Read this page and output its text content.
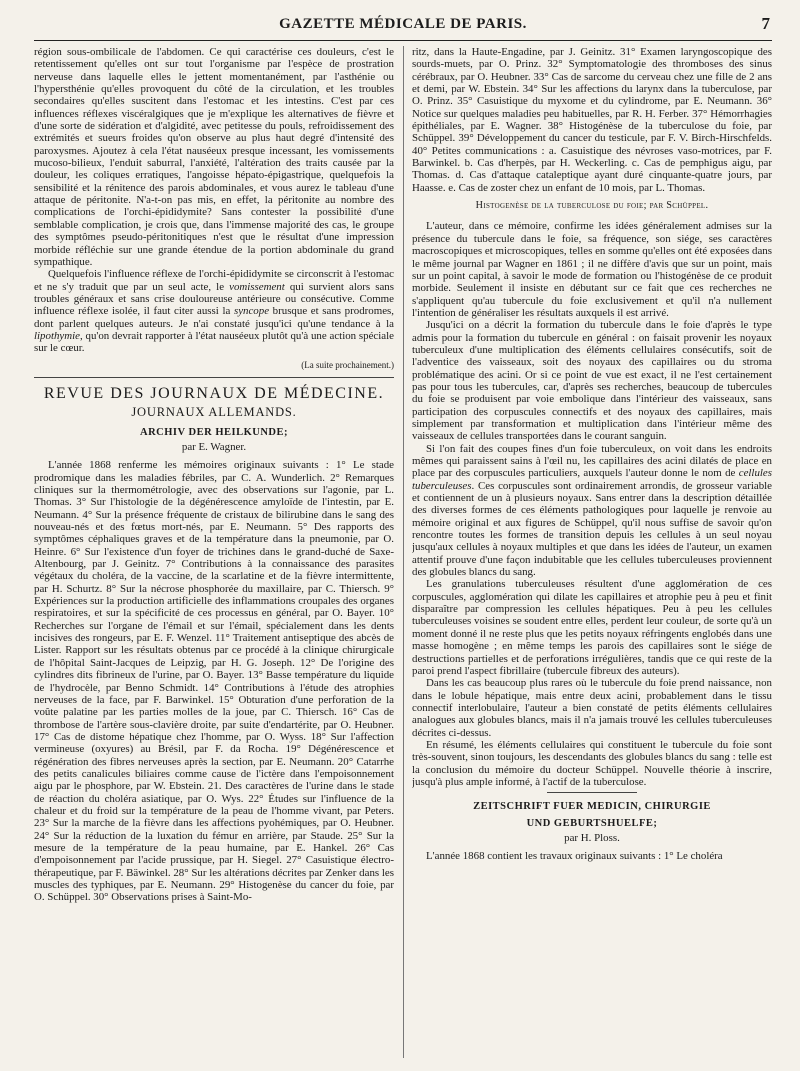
GAZETTE MÉDICALE DE PARIS.	7

région sous-ombilicale de l'abdomen. Ce qui caractérise ces douleurs, c'est le retentissement qu'elles ont sur tout l'organisme par l'espèce de prostration nerveuse dans laquelle elles le jettent momentanément, par l'asthénie ou l'hypersthénie qu'elles provoquent du côté de la circulation, et les troubles secondaires qu'elles suscitent dans l'estomac et les intestins. C'est par ces influences réflexes viscéralgiques que je m'explique les alternatives de fièvre et d'une sorte de sidération et d'algidité, avec petitesse du pouls, refroidissement des extrémités et sueurs froides qu'on observe au plus haut degré d'intensité des paroxysmes. Ajoutez à cela l'état nauséeux presque incessant, les vomissements mucoso-bilieux, l'enduit saburral, l'anxiété, l'altération des traits causée par la douleur, les coliques erratiques, l'angoisse hépato-épigastrique, quelquefois la sensibilité et la rénitence des parois abdominales, et vous aurez le tableau d'une attaque de péritonite. N'a-t-on pas mis, en effet, la péritonite au nombre des complications de l'orchi-épididymite? Sans contester la possibilité d'une semblable complication, je crois que, dans l'immense majorité des cas, le groupe des symptômes pseudo-péritonitiques n'est que le résultat d'une impression morbide réfléchie sur une grande étendue de la portion abdominale du grand sympathique.

Quelquefois l'influence réflexe de l'orchi-épididymite se circonscrit à l'estomac et ne s'y traduit que par un seul acte, le vomissement qui survient alors sans troubles généraux et sans crise douloureuse antérieure ou consécutive. Comme influence réflexe isolée, il faut citer aussi la syncope brusque et sans prodromes, dont parlent quelques auteurs. Je n'ai constaté jusqu'ici qu'une tendance à la lipothymie, qu'on devrait rapporter à l'état nauséeux plutôt qu'à une action spéciale sur le cœur.

(La suite prochainement.)

REVUE DES JOURNAUX DE MÉDECINE.

JOURNAUX ALLEMANDS.

ARCHIV DER HEILKUNDE;

par E. Wagner.

L'année 1868 renferme les mémoires originaux suivants : 1° Le stade prodromique dans les maladies fébriles, par C. A. Wunderlich. 2° Remarques cliniques sur la thermométrologie, avec des observations sur l'agonie, par L. Thomas. 3° Sur l'histologie de la dégénérescence amyloïde de l'intestin, par E. Neumann. 4° Sur la présence fréquente de cristaux de bilirubine dans le sang des nouveau-nés et des fœtus mort-nés, par E. Neumann. 5° Des rapports des symptômes céphaliques graves et de la température dans la pneumonie, par O. Heinre. 6° Sur l'existence d'un foyer de trichines dans le grand-duché de Saxe-Altenbourg, par J. Geinitz. 7° Contributions à la connaissance des parasites végétaux du choléra, de la vaccine, de la scarlatine et de la fièvre intermittente, par H. Schurtz. 8° Sur la nécrose phosphorée du maxillaire, par C. Thiersch. 9° Expériences sur la production artificielle des inflammations croupales des organes respiratoires, et sur la spécificité de ces processus en général, par O. Bayer. 10° Recherches sur l'organe de l'émail et sur l'émail, spécialement dans les dents incisives des rongeurs, par E. F. Wenzel. 11° Traitement antiseptique des abcès de Lister. Rapport sur les résultats obtenus par ce procédé à la clinique chirurgicale de l'hôpital Saint-Jacques de Leipzig, par H. G. Joseph. 12° De l'origine des cylindres dits fibrineux de l'urine, par O. Bayer. 13° Basse température du liquide de l'hydrocèle, par Benno Schmidt. 14° Contributions à l'étude des atrophies nerveuses de la face, par F. Barwinkel. 15° Obturation d'une perforation de la voûte palatine par les parties molles de la joue, par C. Thiersch. 16° Cas de thrombose de l'artère sous-clavière droite, par suite d'endartérite, par O. Heubner. 17° Cas de distome hépatique chez l'homme, par O. Wyss. 18° Sur l'affection vermineuse (oxyures) au Brésil, par F. da Rocha. 19° Dégénérescence et régénération des fibres nerveuses après la section, par E. Neumann. 20° Catarrhe des petits canalicules biliaires comme cause de l'ictère dans l'empoisonnement aigu par le phosphore, par W. Ebstein. 21. Des caractères de l'urine dans le stade de réaction du choléra asiatique, par O. Wys. 22° Études sur l'influence de la chaleur et du froid sur la température de la peau de l'homme vivant, par Peters. 23° Sur la marche de la fièvre dans les affections pyohémiques, par O. Heubner. 24° Sur la réduction de la luxation du fémur en arrière, par Staude. 25° Sur la mesure de la température de la peau humaine, par E. Hankel. 26° Cas d'empoisonnement par l'acide prussique, par H. Siegel. 27° Casuistique électro-thérapeutique, par F. Bäwinkel. 28° Sur les altérations décrites par Zenker dans les muscles des typhiques, par E. Neumann. 29° Histogenèse du cancer du foie, par O. Schüppel. 30° Observations prises à Saint-Mo-

ritz, dans la Haute-Engadine, par J. Geinitz. 31° Examen laryngoscopique des sourds-muets, par O. Prinz. 32° Symptomatologie des thromboses des sinus cérébraux, par O. Heubner. 33° Cas de sarcome du cerveau chez une fille de 2 ans et demi, par W. Ebstein. 34° Sur les affections du larynx dans la tuberculose, par O. Prinz. 35° Casuistique du myxome et du cylindrome, par E. Neumann. 36° Notice sur quelques maladies peu habituelles, par R. H. Ferber. 37° Hémorrhagies épithéliales, par E. Wagner. 38° Histogénèse de la tuberculose du foie, par Schüppel. 39° Développement du cancer du testicule, par F. V. Birch-Hirschfelds. 40° Petites communications : a. Casuistique des névroses vaso-motrices, par F. Barwinkel. b. Cas d'herpès, par H. Weckerling. c. Cas de pemphigus aigu, par Thomas. d. Cas d'attaque cataleptique ayant duré cinquante-quatre jours, par Haasse. e. Cas de zoster chez un enfant de 10 mois, par L. Thomas.

Histogenèse de la tuberculose du foie; par Schüppel.

L'auteur, dans ce mémoire, confirme les idées généralement admises sur la présence du tubercule dans le foie, sa fréquence, son siége, ses caractères macroscopiques et microscopiques, telles en somme qu'elles ont été exposées dans le même journal par Wagner en 1861 ; il ne diffère d'avis que sur un point, mais sur un point capital, à savoir le mode de formation ou l'histogénèse de ce produit morbide. Seulement il insiste en débutant sur ce fait que ces recherches ne s'appliquent qu'au tubercule du foie exclusivement et qu'il n'a nullement l'intention de généraliser les résultats auxquels il est arrivé.

Jusqu'ici on a décrit la formation du tubercule dans le foie d'après le type admis pour la formation du tubercule en général : on faisait provenir les noyaux tuberculeux d'une multiplication des éléments cellulaires consécutifs, soit de l'adventice des vaisseaux, soit des noyaux des capillaires ou du stroma problématique des acini. Or si ce point de vue est exact, il ne l'est certainement pas pour tous les tubercules, car, d'après ses recherches, beaucoup de tubercules du foie se produisent par voie embolique dans l'intérieur des vaisseaux, sans participation des corpuscules connectifs et des noyaux des capillaires, mais simplement par transformation et multiplication dans l'intérieur même des vaisseaux de cellules transportées dans le courant sanguin.

Si l'on fait des coupes fines d'un foie tuberculeux, on voit dans les endroits mêmes qui paraissent sains à l'œil nu, les capillaires des acini dilatés de place en place par des corpuscules particuliers, auxquels l'auteur donne le nom de cellules tuberculeuses. Ces corpuscules sont ordinairement arrondis, de grosseur variable et contiennent de un à plusieurs noyaux. Sans entrer dans la description détaillée des diverses formes de ces éléments pathologiques pour laquelle je renvoie au mémoire original et aux figures de Schüppel, qu'il nous suffise de savoir qu'on rencontre toutes les formes de transition depuis les cellules à un seul noyau jusqu'aux cellules à noyaux multiples et que dans les idées de l'auteur, un examen attentif prouve d'une façon indubitable que les cellules tuberculeuses proviennent des globules blancs du sang.

Les granulations tuberculeuses résultent d'une agglomération de ces corpuscules, agglomération qui dilate les capillaires et atrophie peu à peu et finit disparaître par compression les cellules hépatiques. Peu à peu les cellules tuberculeuses voisines se soudent entre elles, perdent leur couleur, de sorte qu'à un moment donné il ne reste plus que les petits noyaux réfringents englobés dans une masse homogène ; en même temps les parois des capillaires sont le siége de destructions partielles et de perforations irrégulières, tandis que ce qui reste de la paroi prend l'aspect fibrillaire (tubercule fibreux des auteurs).

Dans les cas beaucoup plus rares où le tubercule du foie prend naissance, non dans le lobule hépatique, mais entre deux acini, probablement dans le tissu connectif interlobulaire, l'auteur a bien constaté de petits éléments cellulaires analogues aux globules blancs, mais il n'a jamais trouvé les cellules tuberculeuses décrites ci-dessus.

En résumé, les éléments cellulaires qui constituent le tubercule du foie sont très-souvent, sinon toujours, les descendants des globules blancs du sang : telle est la conclusion du mémoire du docteur Schüppel. Nouvelle théorie à inscrire, jusqu'à plus ample informé, à l'actif de la tuberculose.

ZEITSCHRIFT FUER MEDICIN, CHIRURGIE

UND GEBURTSHUELFE;

par H. Ploss.

L'année 1868 contient les travaux originaux suivants : 1° Le choléra
